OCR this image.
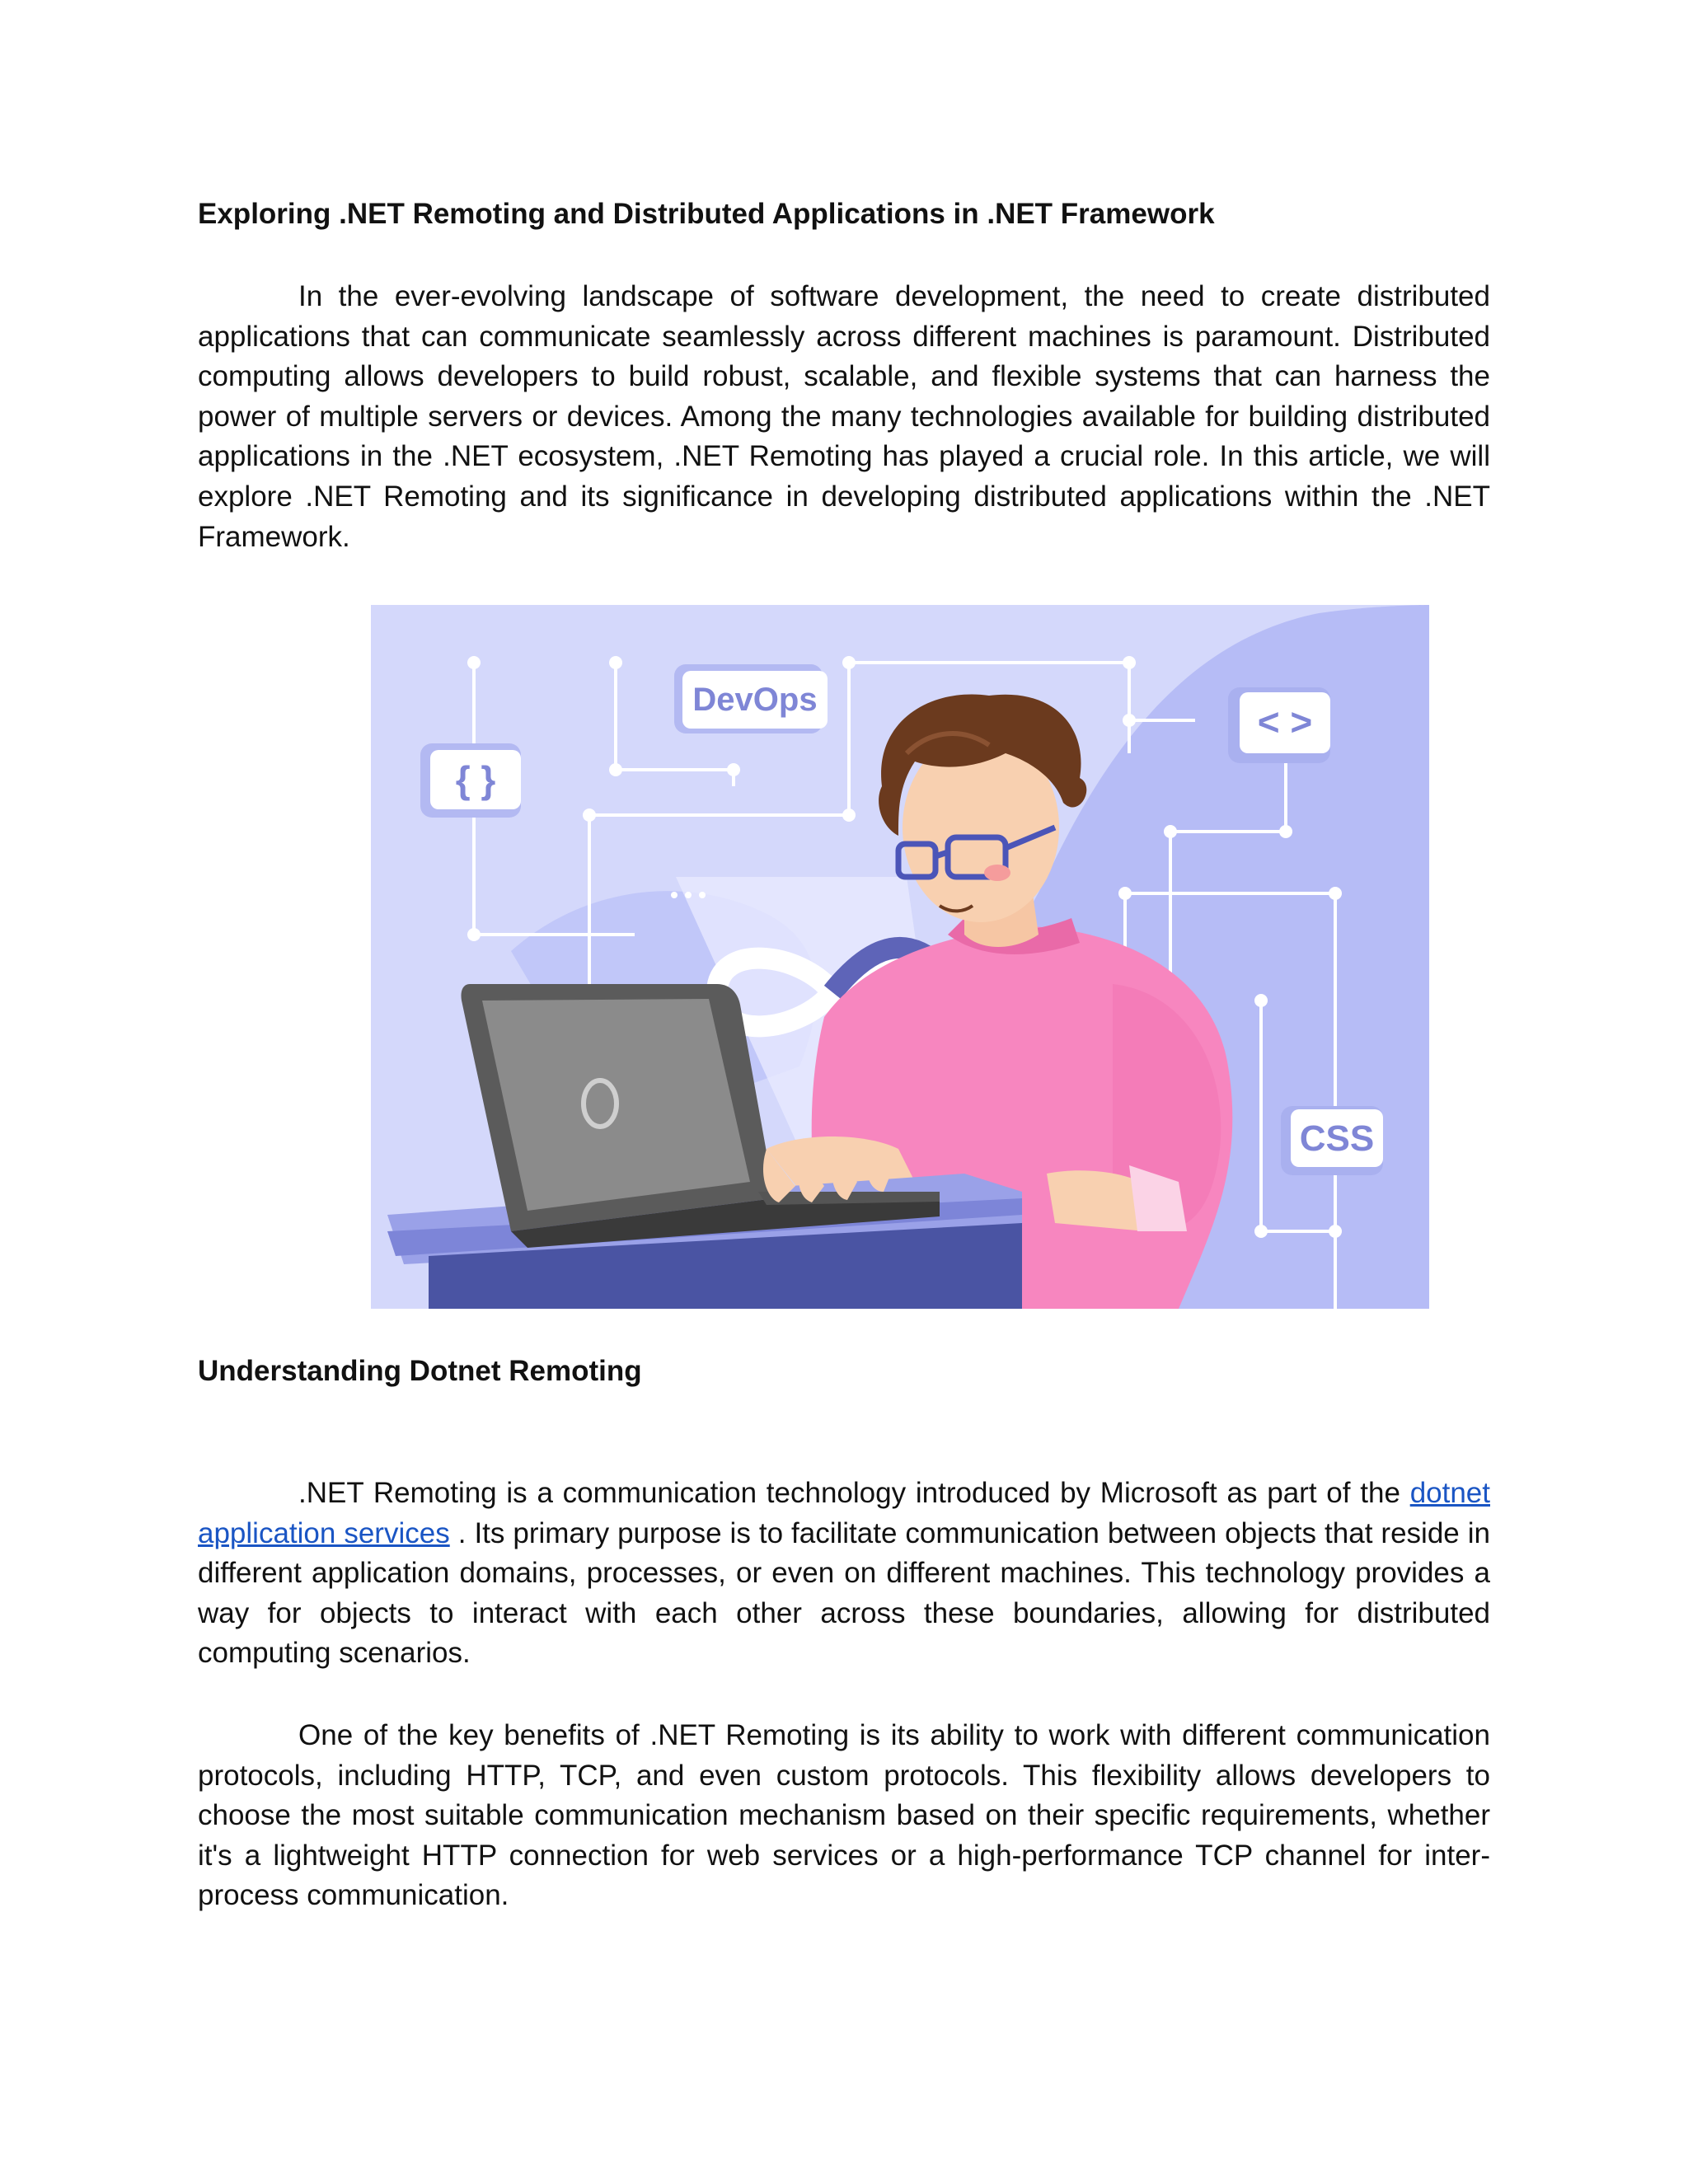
Exploring .NET Remoting and Distributed Applications in .NET Framework

In the ever-evolving landscape of software development, the need to create distributed applications that can communicate seamlessly across different machines is paramount. Distributed computing allows developers to build robust, scalable, and flexible systems that can harness the power of multiple servers or devices. Among the many technologies available for building distributed applications in the .NET ecosystem, .NET Remoting has played a crucial role. In this article, we will explore .NET Remoting and its significance in developing distributed applications within the .NET Framework.

DevOps
{ }
< >
CSS
Understanding Dotnet Remoting

.NET Remoting is a communication technology introduced by Microsoft as part of the dotnet application services . Its primary purpose is to facilitate communication between objects that reside in different application domains, processes, or even on different machines. This technology provides a way for objects to interact with each other across these boundaries, allowing for distributed computing scenarios.

One of the key benefits of .NET Remoting is its ability to work with different communication protocols, including HTTP, TCP, and even custom protocols. This flexibility allows developers to choose the most suitable communication mechanism based on their specific requirements, whether it's a lightweight HTTP connection for web services or a high-performance TCP channel for inter-process communication.
